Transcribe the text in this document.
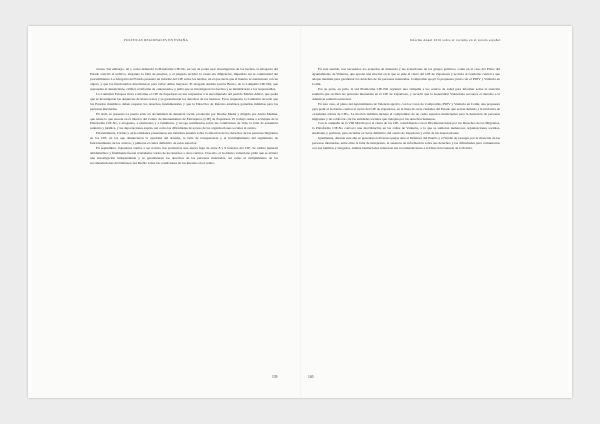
POLÍTICAS REGIONALES EN ESPAÑA

ciones. Sin embargo, tal y como denunció la Plataforma CIE-No, en vez de poder usar investigación de los hechos, la Abogacía del Estado solicitó el archivo, alegando la falta de pruebas, y el juzgado archivó la causa sin diligencias, impedido así la continuidad del procedimiento. La Abogacía del Estado presentó un informe del CIE sobre los hechos, en el que decía que el interno se autolesionó con un objeto, y que los funcionarios intervinieron para evitar daños mayores. El abogado Andrés García Berrio, de la Campaña CIE-NO, que representa al denunciante, calificó el informe de «interesado» y pidió que se investigaran los hechos y se identificaran a los responsables.

La Comisión Europea llevó a informe el CIE de Zapadores en sus respuestas a la eurodiputada del partido Marina Albiol, que pedía que se investigaran las denuncias de malos tratos y se garantizaran los derechos de los internos. En la respuesta, la Comisión recordó que los Estados miembros deben respetar los derechos fundamentales y que la Directiva de Retorno establece garantías mínimas para las personas internadas.

En abril, se presentó La puerta azul, un documental de denuncia social, producido por Drache Media y dirigido por Alicia Medina, que relata lo que sucede en el interior del Centro de Internamiento de Extranjeros (CIE) de Zapadores. El trabajo reúne a activistas de la Plataforma CIE-No, a abogados, a exinternos y a familiares, y recoge testimonios sobre las condiciones de vida, la falta de asistencia sanitaria y jurídica, y las deportaciones exprés, así como las dificultades de acceso de las organizaciones sociales al centro.

Paralelamente, Cáritas y otras entidades presentaron sus informes anuales sobre la situación de los derechos de las personas migrantes en los CIE, en los que denunciaron la opacidad del sistema, la falta de transparencia y el incumplimiento del reglamento de funcionamiento de los centros, y pidieron el cierre definitivo de estos espacios.

En septiembre, Zapadores vuelve a ser noticia tras producirse una nueva fuga de entre 8 y 9 internos del CIE. Se utilizó material antidisturbios y finalmente fueron trasladados varios de los internos a otros centros. Tras ello, el Gobierno valenciano pidió que se abriera una investigación independiente y se garantizaran los derechos de las personas internadas, así como el cumplimiento de las recomendaciones del Defensor del Pueblo sobre las condiciones de los internos en el centro.

139
Informe Anual 2016 sobre el racismo en el estado español

En este sentido, son necesarios los acuerdos de denuncia y las actuaciones de los grupos políticos, como en el caso del Pleno del Ayuntamiento de València, que aprobó una moción en la que se pide el cierre del CIE de Zapadores y se insta al Gobierno central a que adopte medidas para garantizar los derechos de las personas internadas. Compromís apoyó la propuesta, junto con el PSPV y València en Comú.

Por su parte, en julio, la red Plataforma CIE-NO organizó una campaña a los centros de salud para informar sobre la atención sanitaria que reciben las personas internadas en el CIE de Zapadores, y recordó que la Generalitat Valenciana reconoce el derecho a la asistencia sanitaria universal.

En este caso, el pleno del Ayuntamiento de Valencia aprobó, con los votos de Compromís, PSPV y València en Comú, una propuesta para pedir al Gobierno central el cierre del CIE de Zapadores, en la línea de otras ciudades del Estado que se han sumado a la iniciativa de «Ciudades Libres de CIE». La moción también incluye el compromiso de no ceder espacios municipales para la detención de personas migrantes y de colaborar con las entidades sociales que trabajan por los derechos humanos.

Con la campaña de la VIII Marcha por el cierre de los CIE, coincidiendo con el Día Internacional por los Derechos de los Migrantes, la Plataforma CIE-No convocó una movilización en las calles de València, a la que se sumaron numerosas organizaciones sociales, sindicales y políticas, para reclamar el cierre definitivo del centro de Zapadores y el fin de las deportaciones.

Igualmente, durante este año se presentaron diversas quejas ante el Defensor del Pueblo y el Síndic de Greuges por la situación de las personas internadas, entre ellas la falta de intérpretes, la ausencia de información sobre sus derechos y las dificultades para comunicarse con sus familias y abogados. Ambas instituciones reiteraron sus recomendaciones a la Dirección General de la Policía.

140
